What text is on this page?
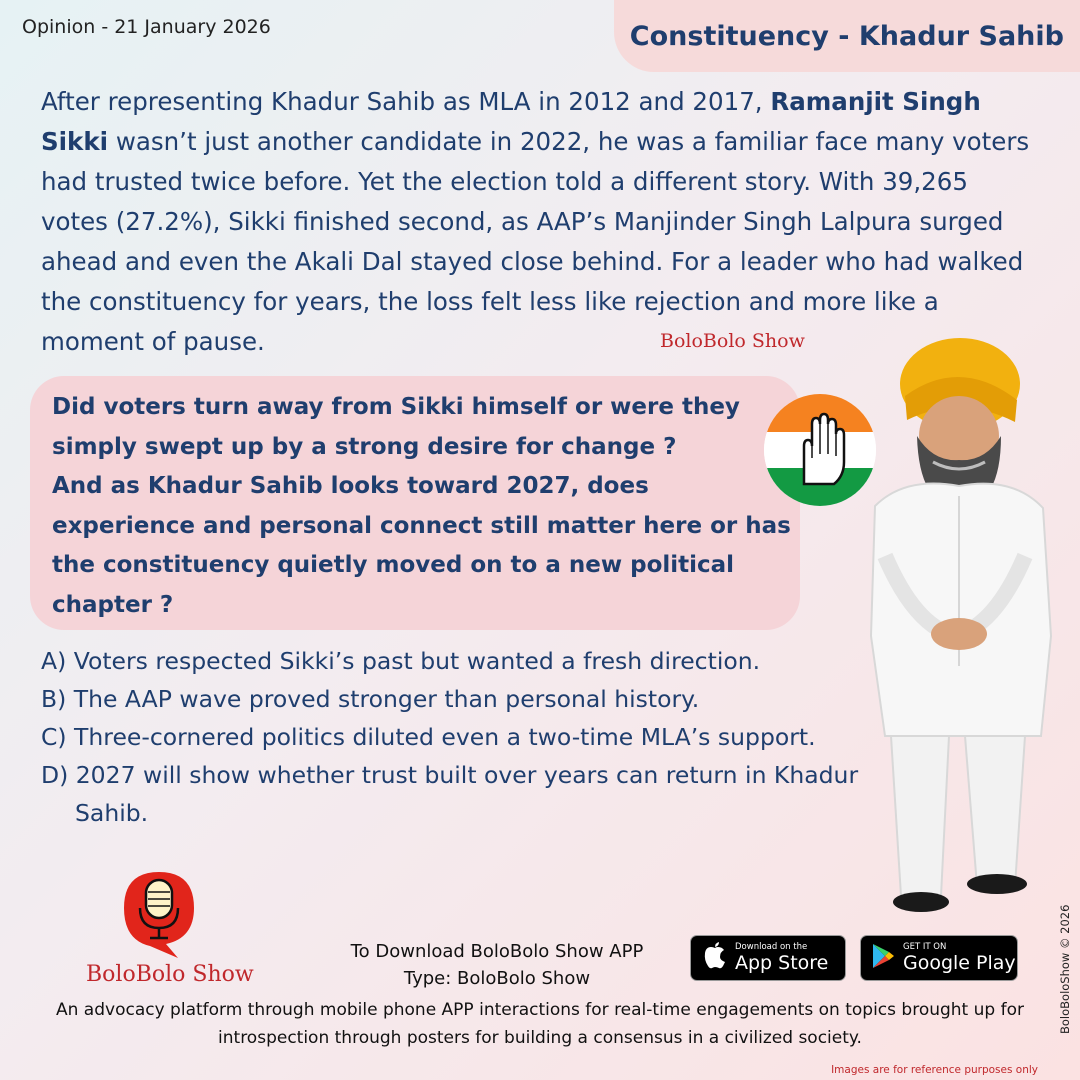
Opinion - 21 January 2026	Constituency - Khadur Sahib
After representing Khadur Sahib as MLA in 2012 and 2017, Ramanjit Singh Sikki wasn’t just another candidate in 2022, he was a familiar face many voters had trusted twice before. Yet the election told a different story. With 39,265 votes (27.2%), Sikki finished second, as AAP’s Manjinder Singh Lalpura surged ahead and even the Akali Dal stayed close behind. For a leader who had walked the constituency for years, the loss felt less like rejection and more like a moment of pause.	BoloBolo Show
Did voters turn away from Sikki himself or were they simply swept up by a strong desire for change ?
And as Khadur Sahib looks toward 2027, does experience and personal connect still matter here or has the constituency quietly moved on to a new political chapter ?
A) Voters respected Sikki’s past but wanted a fresh direction.
B) The AAP wave proved stronger than personal history.
C) Three-cornered politics diluted even a two-time MLA’s support.
D) 2027 will show whether trust built over years can return in Khadur Sahib.
BoloBolo Show
To Download BoloBolo Show APP
Type: BoloBolo Show
Download on the
App Store
GET IT ON
Google Play
An advocacy platform through mobile phone APP interactions for real-time engagements on topics brought up for introspection through posters for building a consensus in a civilized society.
BoloBoloShow © 2026
Images are for reference purposes only
